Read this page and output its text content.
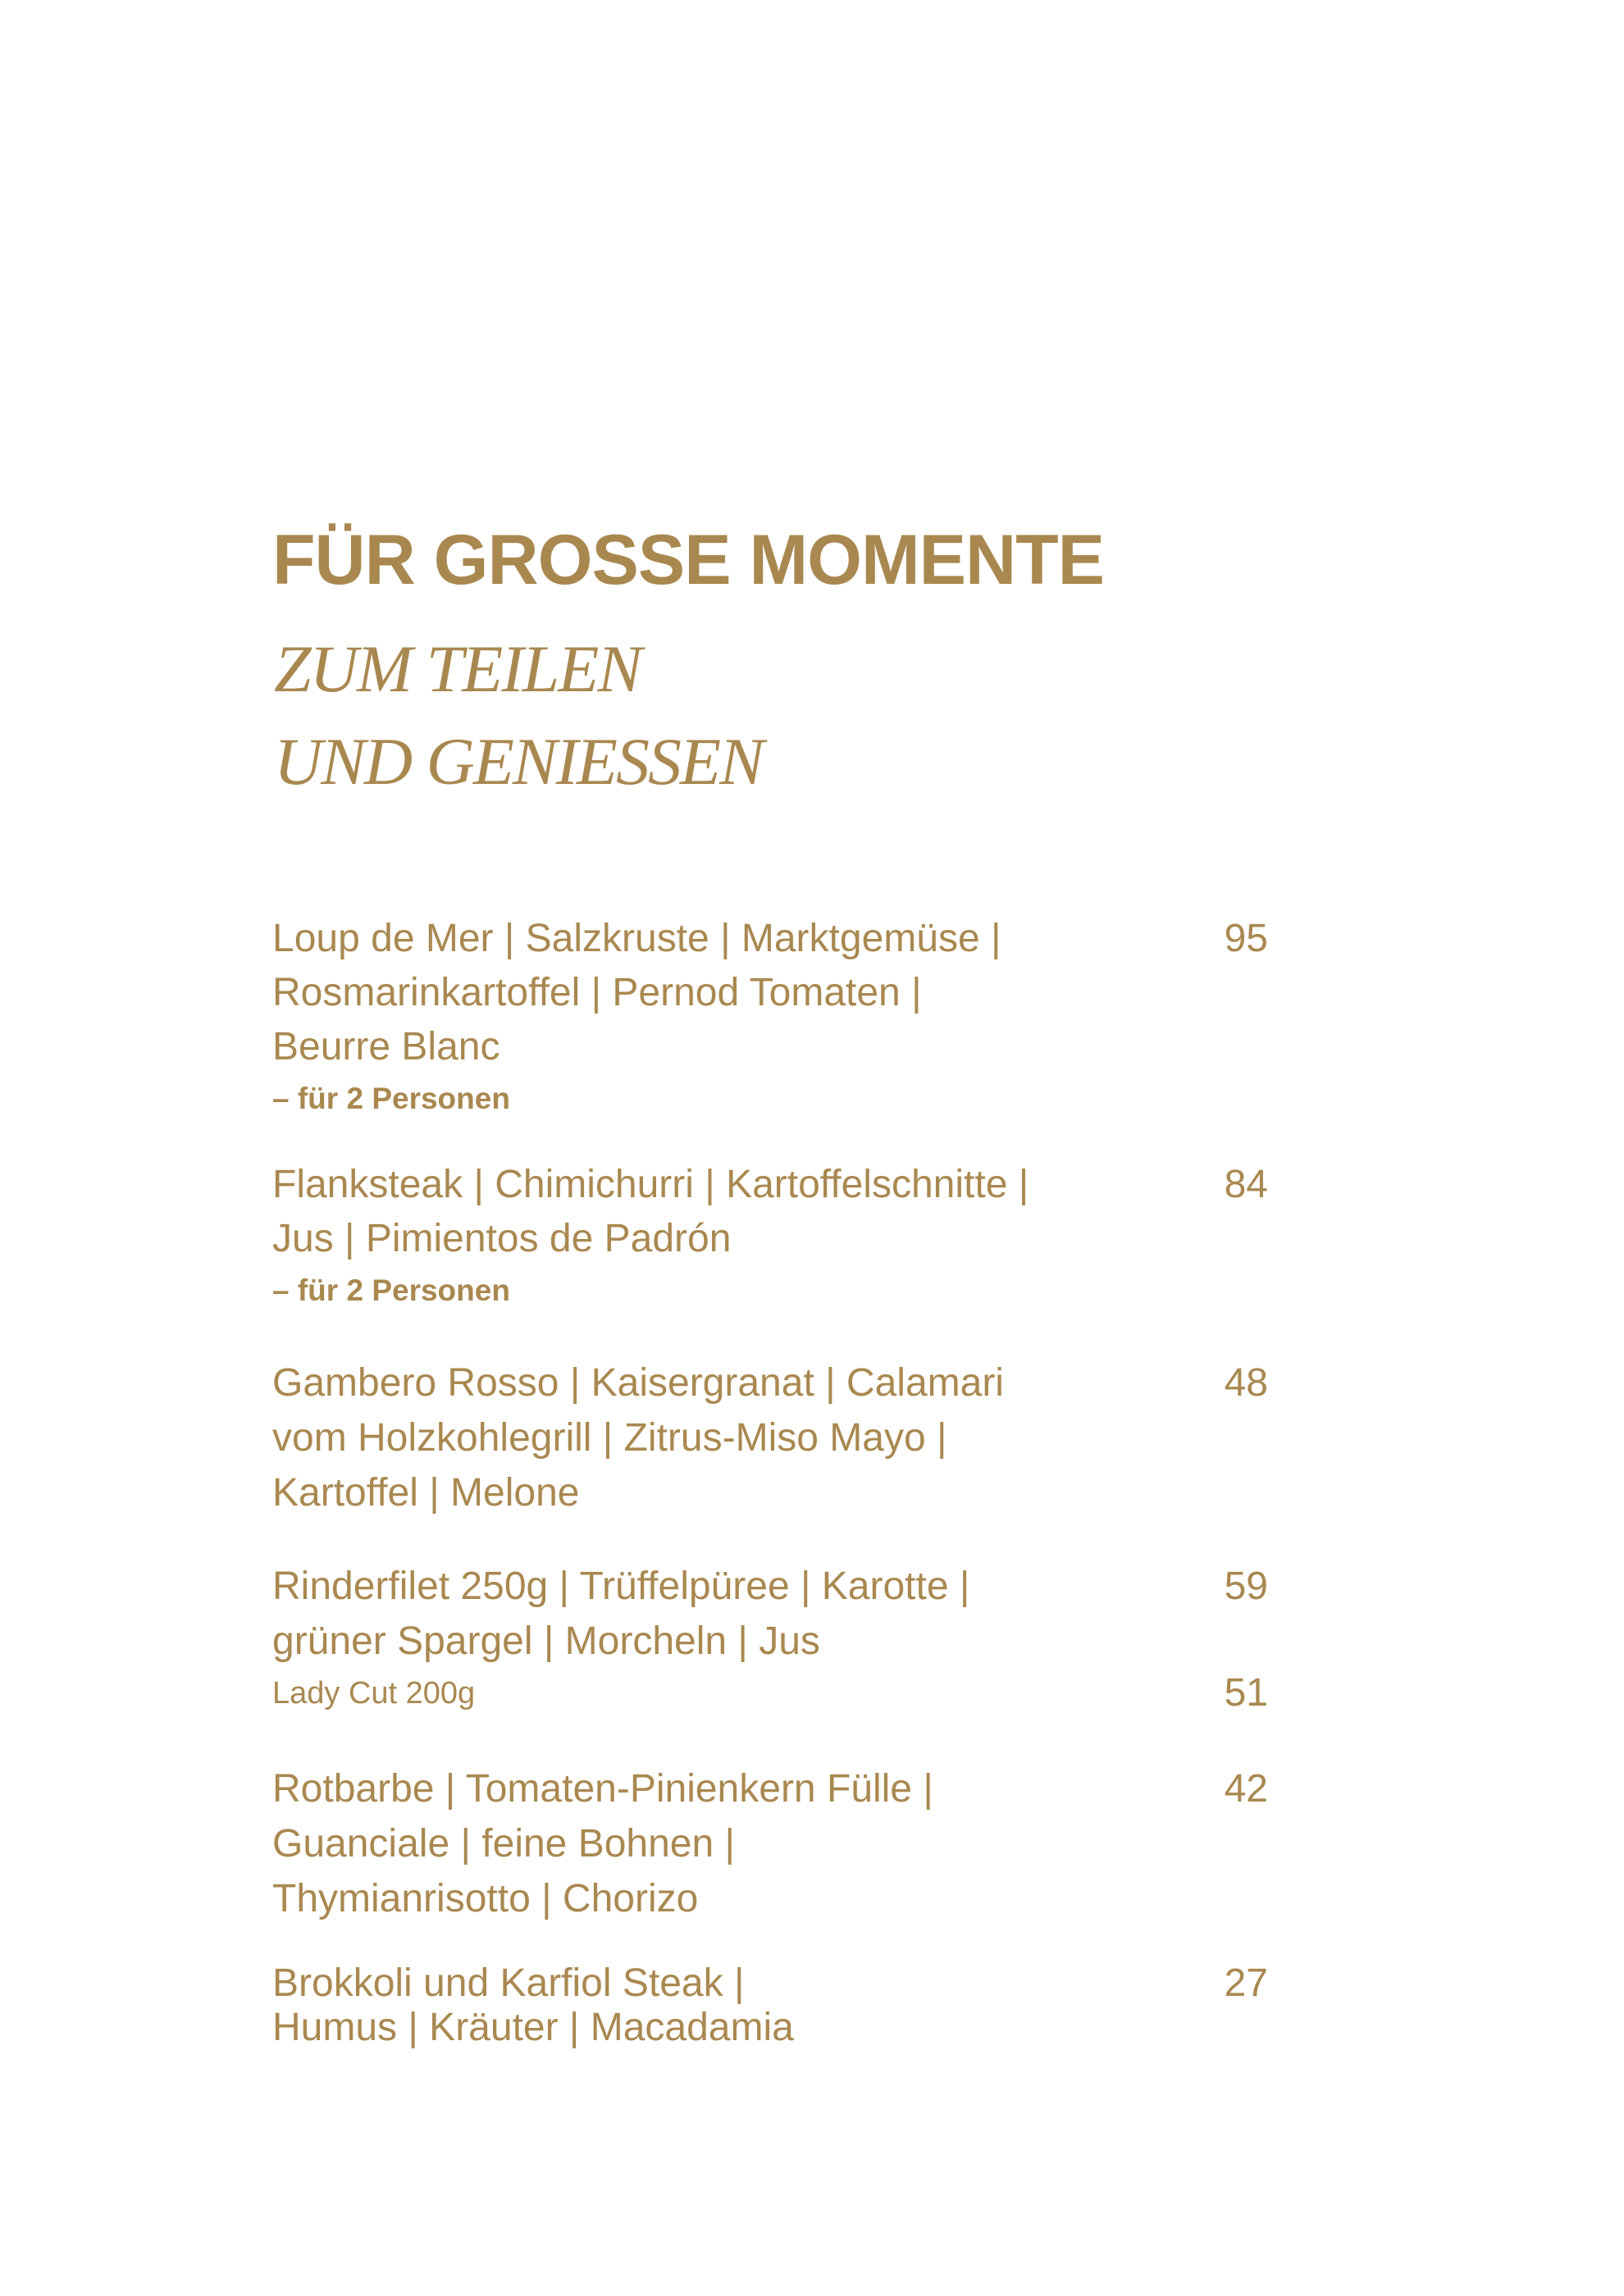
FÜR GROSSE MOMENTE
ZUM TEILEN
UND GENIESSEN
Loup de Mer | Salzkruste | Marktgemüse |
Rosmarinkartoffel | Pernod Tomaten |
Beurre Blanc
– für 2 Personen
95
Flanksteak | Chimichurri | Kartoffelschnitte |
Jus | Pimientos de Padrón
– für 2 Personen
84
Gambero Rosso | Kaisergranat | Calamari
vom Holzkohlegrill | Zitrus-Miso Mayo |
Kartoffel | Melone
48
Rinderfilet 250g | Trüffelpüree | Karotte |
grüner Spargel | Morcheln | Jus
Lady Cut 200g	51
59
Rotbarbe | Tomaten-Pinienkern Fülle |
Guanciale | feine Bohnen |
Thymianrisotto | Chorizo
42
Brokkoli und Karfiol Steak |
Humus | Kräuter | Macadamia
27
